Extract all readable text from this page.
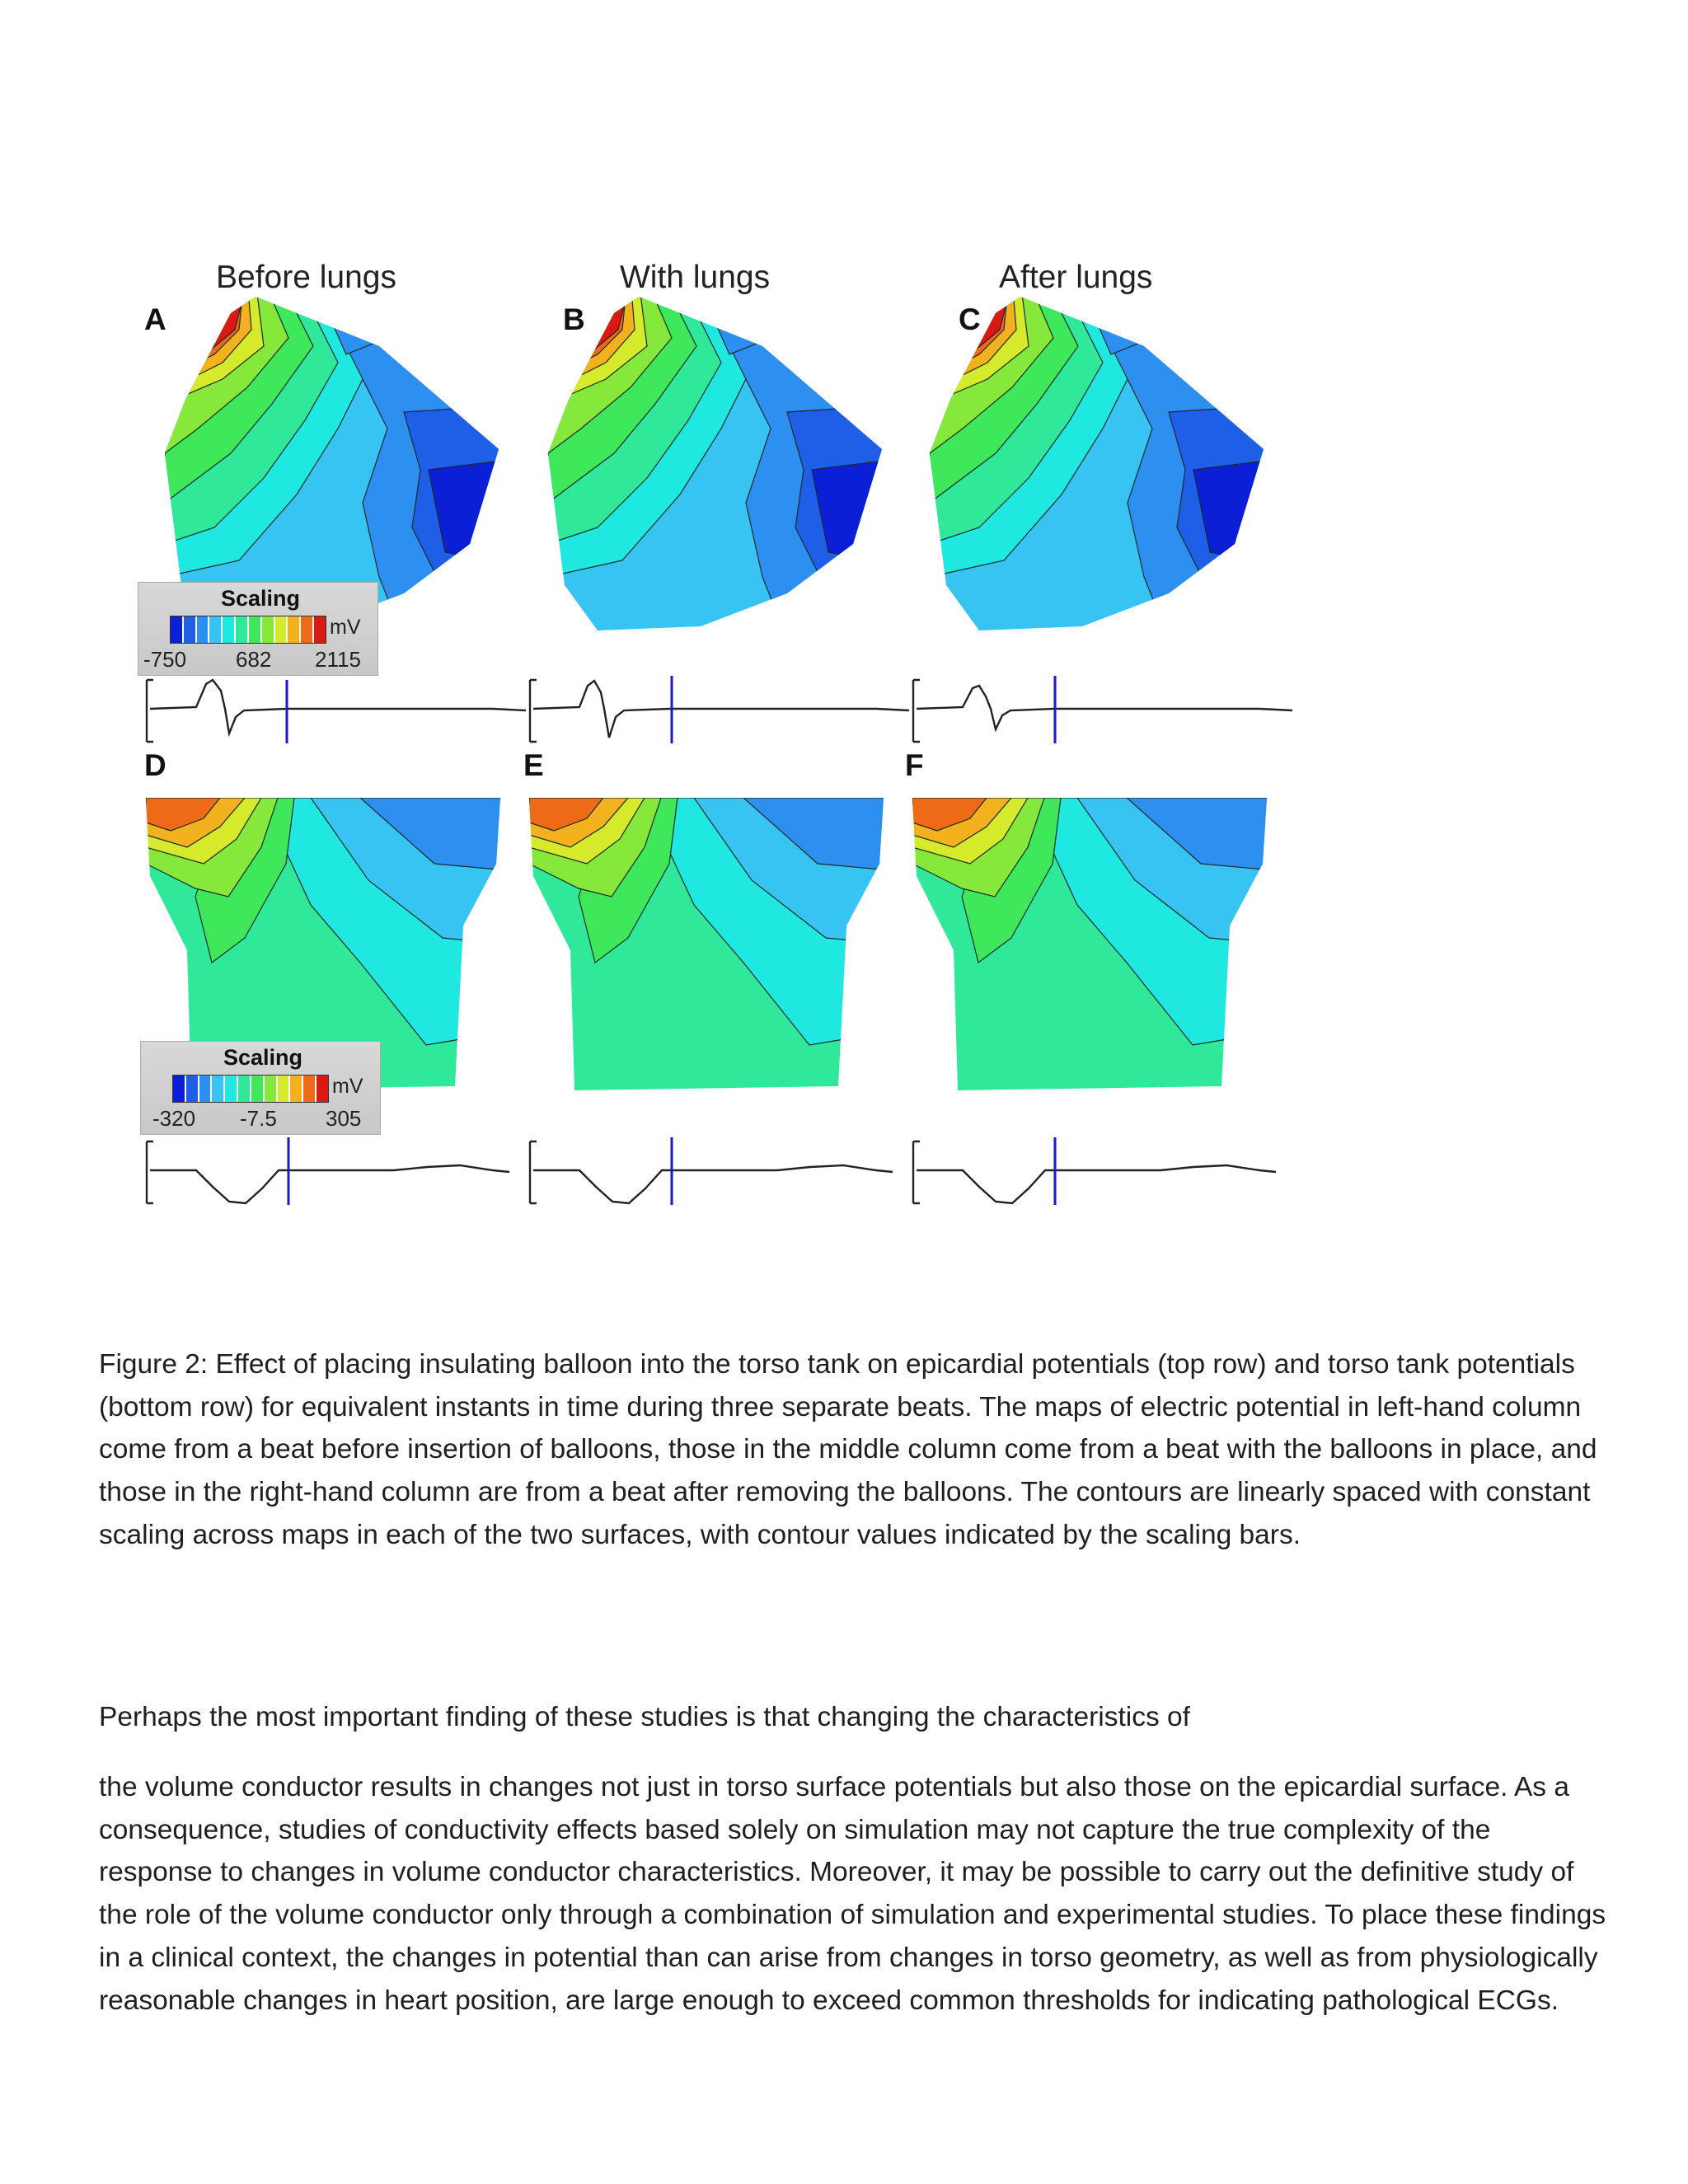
Before lungs	With lungs	After lungs
A	B	C
D	E	F
Scaling
mV
-750 682 2115
Scaling
mV
-320 -7.5 305
Figure 2: Effect of placing insulating balloon into the torso tank on epicardial potentials (top row) and torso tank potentials (bottom row) for equivalent instants in time during three separate beats. The maps of electric potential in left-hand column come from a beat before insertion of balloons, those in the middle column come from a beat with the balloons in place, and those in the right-hand column are from a beat after removing the balloons. The contours are linearly spaced with constant scaling across maps in each of the two surfaces, with contour values indicated by the scaling bars.
Perhaps the most important finding of these studies is that changing the characteristics of
the volume conductor results in changes not just in torso surface potentials but also those on the epicardial surface. As a consequence, studies of conductivity effects based solely on simulation may not capture the true complexity of the response to changes in volume conductor characteristics. Moreover, it may be possible to carry out the definitive study of the role of the volume conductor only through a combination of simulation and experimental studies. To place these findings in a clinical context, the changes in potential than can arise from changes in torso geometry, as well as from physiologically reasonable changes in heart position, are large enough to exceed common thresholds for indicating pathological ECGs.
